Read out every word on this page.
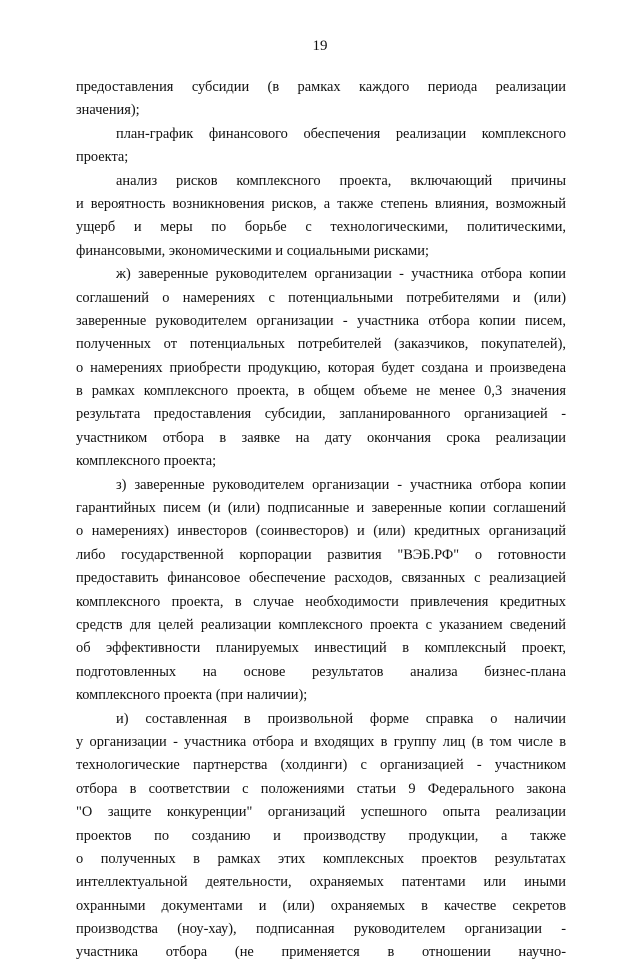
19
предоставления субсидии (в рамках каждого периода реализации
значения);
план-график финансового обеспечения реализации комплексного
проекта;
анализ рисков комплексного проекта, включающий причины
и вероятность возникновения рисков, а также степень влияния, возможный
ущерб и меры по борьбе с технологическими, политическими,
финансовыми, экономическими и социальными рисками;
ж) заверенные руководителем организации - участника отбора копии
соглашений о намерениях с потенциальными потребителями и (или)
заверенные руководителем организации - участника отбора копии писем,
полученных от потенциальных потребителей (заказчиков, покупателей),
о намерениях приобрести продукцию, которая будет создана и произведена
в рамках комплексного проекта, в общем объеме не менее 0,3 значения
результата предоставления субсидии, запланированного организацией -
участником отбора в заявке на дату окончания срока реализации
комплексного проекта;
з) заверенные руководителем организации - участника отбора копии
гарантийных писем (и (или) подписанные и заверенные копии соглашений
о намерениях) инвесторов (соинвесторов) и (или) кредитных организаций
либо государственной корпорации развития "ВЭБ.РФ" о готовности
предоставить финансовое обеспечение расходов, связанных с реализацией
комплексного проекта, в случае необходимости привлечения кредитных
средств для целей реализации комплексного проекта с указанием сведений
об эффективности планируемых инвестиций в комплексный проект,
подготовленных на основе результатов анализа бизнес-плана
комплексного проекта (при наличии);
и) составленная в произвольной форме справка о наличии
у организации - участника отбора и входящих в группу лиц (в том числе в
технологические партнерства (холдинги) с организацией - участником
отбора в соответствии с положениями статьи 9 Федерального закона
"О защите конкуренции" организаций успешного опыта реализации
проектов по созданию и производству продукции, а также
о полученных в рамках этих комплексных проектов результатах
интеллектуальной деятельности, охраняемых патентами или иными
охранными документами и (или) охраняемых в качестве секретов
производства (ноу-хау), подписанная руководителем организации -
участника отбора (не применяется в отношении научно-
